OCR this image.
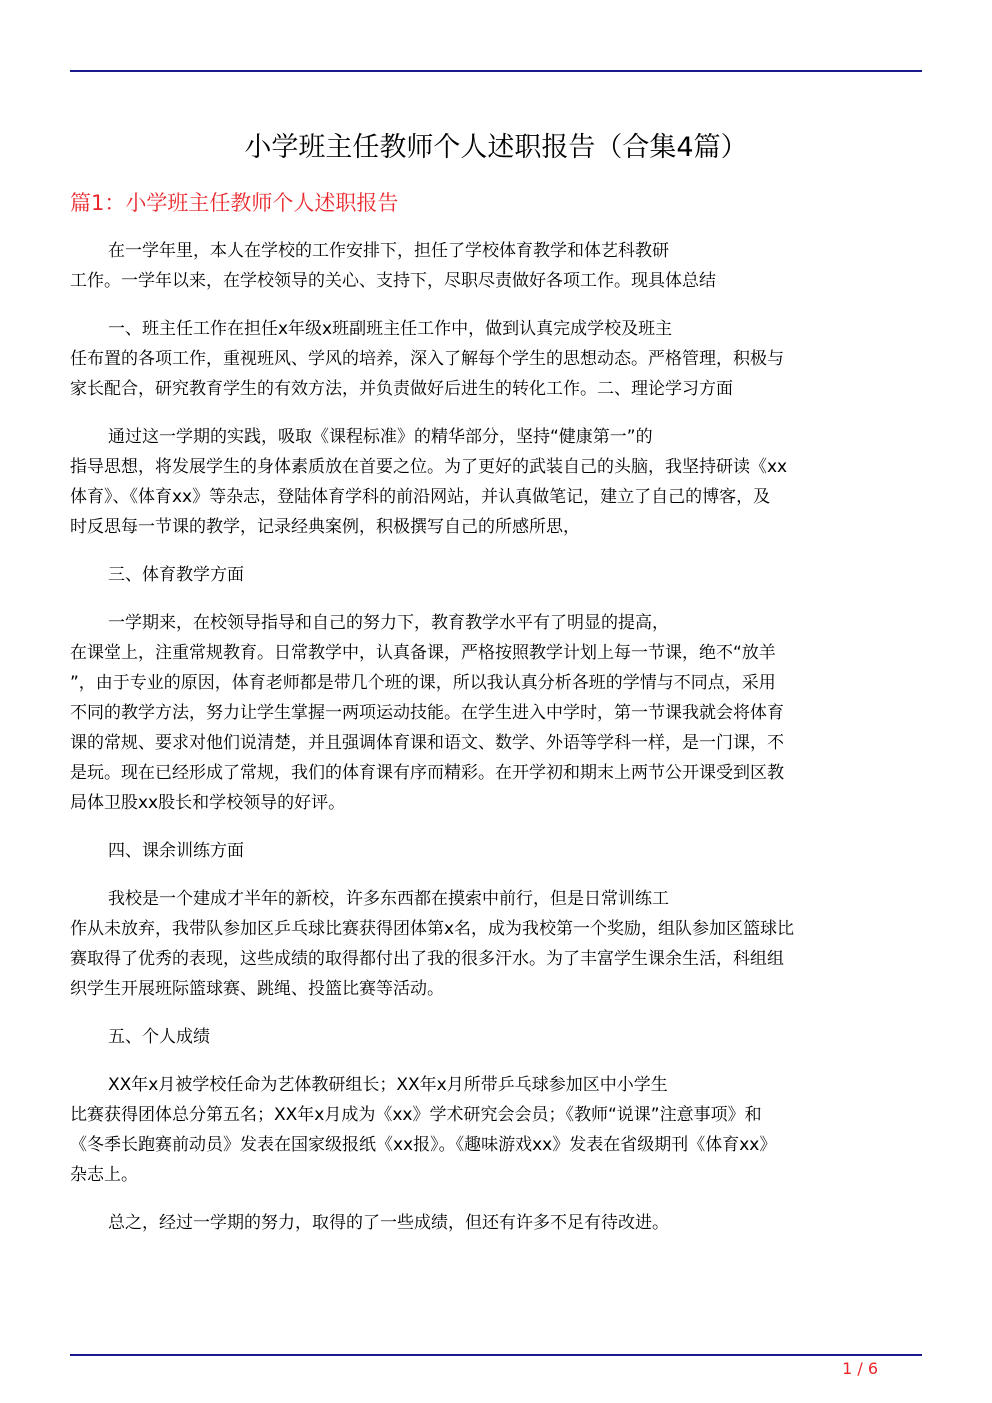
小学班主任教师个人述职报告（合集4篇）
篇1：小学班主任教师个人述职报告

在一学年里，本人在学校的工作安排下，担任了学校体育教学和体艺科教研
工作。一学年以来，在学校领导的关心、支持下，尽职尽责做好各项工作。现具体总结

一、班主任工作在担任x年级x班副班主任工作中，做到认真完成学校及班主
任布置的各项工作，重视班风、学风的培养，深入了解每个学生的思想动态。严格管理，积极与
家长配合，研究教育学生的有效方法，并负责做好后进生的转化工作。二、理论学习方面

通过这一学期的实践，吸取《课程标准》的精华部分，坚持“健康第一”的
指导思想，将发展学生的身体素质放在首要之位。为了更好的武装自己的头脑，我坚持研读《xx
体育》、《体育xx》等杂志，登陆体育学科的前沿网站，并认真做笔记，建立了自己的博客，及
时反思每一节课的教学，记录经典案例，积极撰写自己的所感所思，

三、体育教学方面

一学期来，在校领导指导和自己的努力下，教育教学水平有了明显的提高，
在课堂上，注重常规教育。日常教学中，认真备课，严格按照教学计划上每一节课，绝不“放羊
”，由于专业的原因，体育老师都是带几个班的课，所以我认真分析各班的学情与不同点，采用
不同的教学方法，努力让学生掌握一两项运动技能。在学生进入中学时，第一节课我就会将体育
课的常规、要求对他们说清楚，并且强调体育课和语文、数学、外语等学科一样，是一门课，不
是玩。现在已经形成了常规，我们的体育课有序而精彩。在开学初和期末上两节公开课受到区教
局体卫股xx股长和学校领导的好评。

四、课余训练方面

我校是一个建成才半年的新校，许多东西都在摸索中前行，但是日常训练工
作从未放弃，我带队参加区乒乓球比赛获得团体第x名，成为我校第一个奖励，组队参加区篮球比
赛取得了优秀的表现，这些成绩的取得都付出了我的很多汗水。为了丰富学生课余生活，科组组
织学生开展班际篮球赛、跳绳、投篮比赛等活动。

五、个人成绩

XX年x月被学校任命为艺体教研组长；XX年x月所带乒乓球参加区中小学生
比赛获得团体总分第五名；XX年x月成为《xx》学术研究会会员；《教师“说课”注意事项》和
《冬季长跑赛前动员》发表在国家级报纸《xx报》。《趣味游戏xx》发表在省级期刊《体育xx》
杂志上。

总之，经过一学期的努力，取得的了一些成绩，但还有许多不足有待改进。

1 / 6
